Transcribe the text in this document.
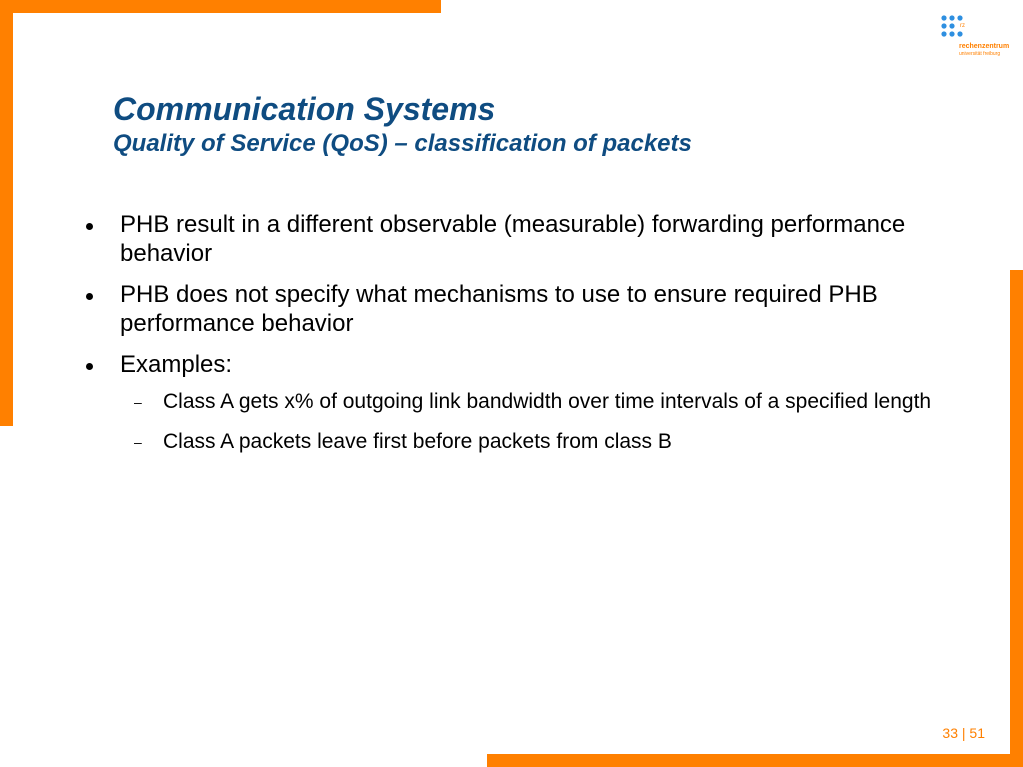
rz
rechenzentrum
universität freiburg
Communication Systems
Quality of Service (QoS) – classification of packets
PHB result in a different observable (measurable) forwarding performance behavior
PHB does not specify what mechanisms to use to ensure required PHB performance behavior
Examples:
– Class A gets x% of outgoing link bandwidth over time intervals of a specified length
– Class A packets leave first before packets from class B
33 | 51
